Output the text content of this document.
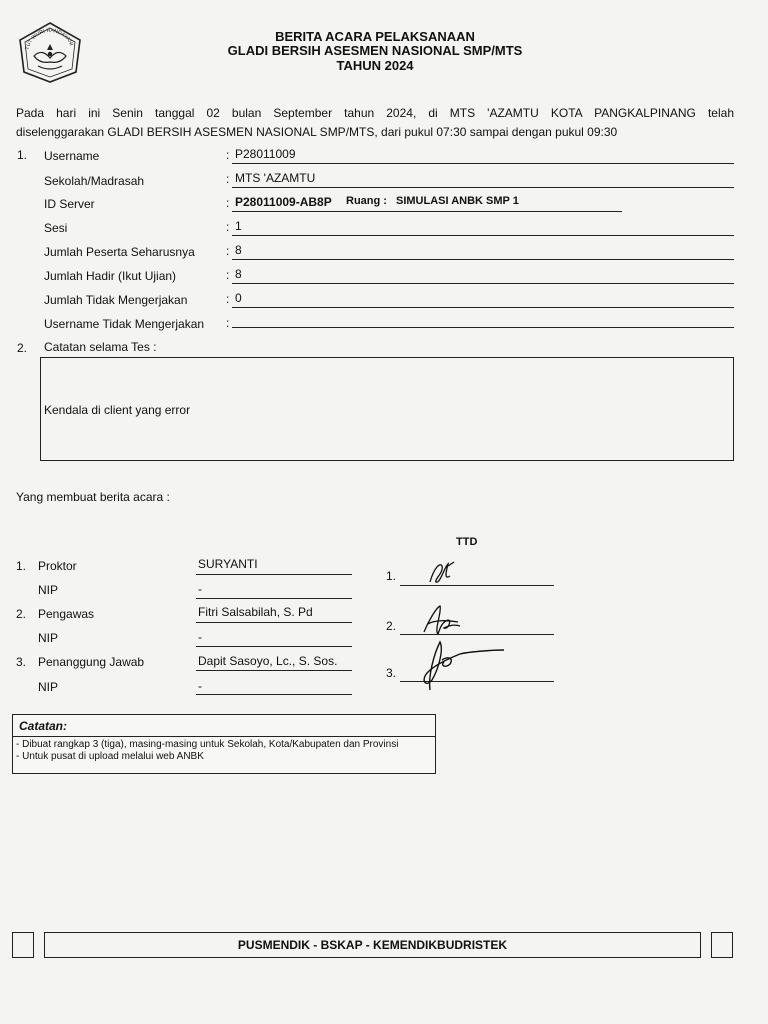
TUT WURI HANDAYANI
BERITA ACARA PELAKSANAAN
GLADI BERSIH ASESMEN NASIONAL SMP/MTS
TAHUN 2024
Pada hari ini Senin tanggal 02 bulan September tahun 2024, di MTS 'AZAMTU KOTA PANGKALPINANG telah
diselenggarakan GLADI BERSIH ASESMEN NASIONAL SMP/MTS, dari pukul 07:30 sampai dengan pukul 09:30
1. Username	: P28011009
Sekolah/Madrasah	: MTS 'AZAMTU
ID Server	: P28011009-AB8P Ruang : SIMULASI ANBK SMP 1
Sesi	: 1
Jumlah Peserta Seharusnya	: 8
Jumlah Hadir (Ikut Ujian)	: 8
Jumlah Tidak Mengerjakan	: 0
Username Tidak Mengerjakan :
2. Catatan selama Tes :
Kendala di client yang error
Yang membuat berita acara :
TTD
1. Proktor	SURYANTI
NIP	-
1.
2. Pengawas	Fitri Salsabilah, S. Pd
NIP	-
2.
3. Penanggung Jawab	Dapit Sasoyo, Lc., S. Sos.
NIP	-
3.
Catatan:
- Dibuat rangkap 3 (tiga), masing-masing untuk Sekolah, Kota/Kabupaten dan Provinsi
- Untuk pusat di upload melalui web ANBK
PUSMENDIK - BSKAP - KEMENDIKBUDRISTEK
